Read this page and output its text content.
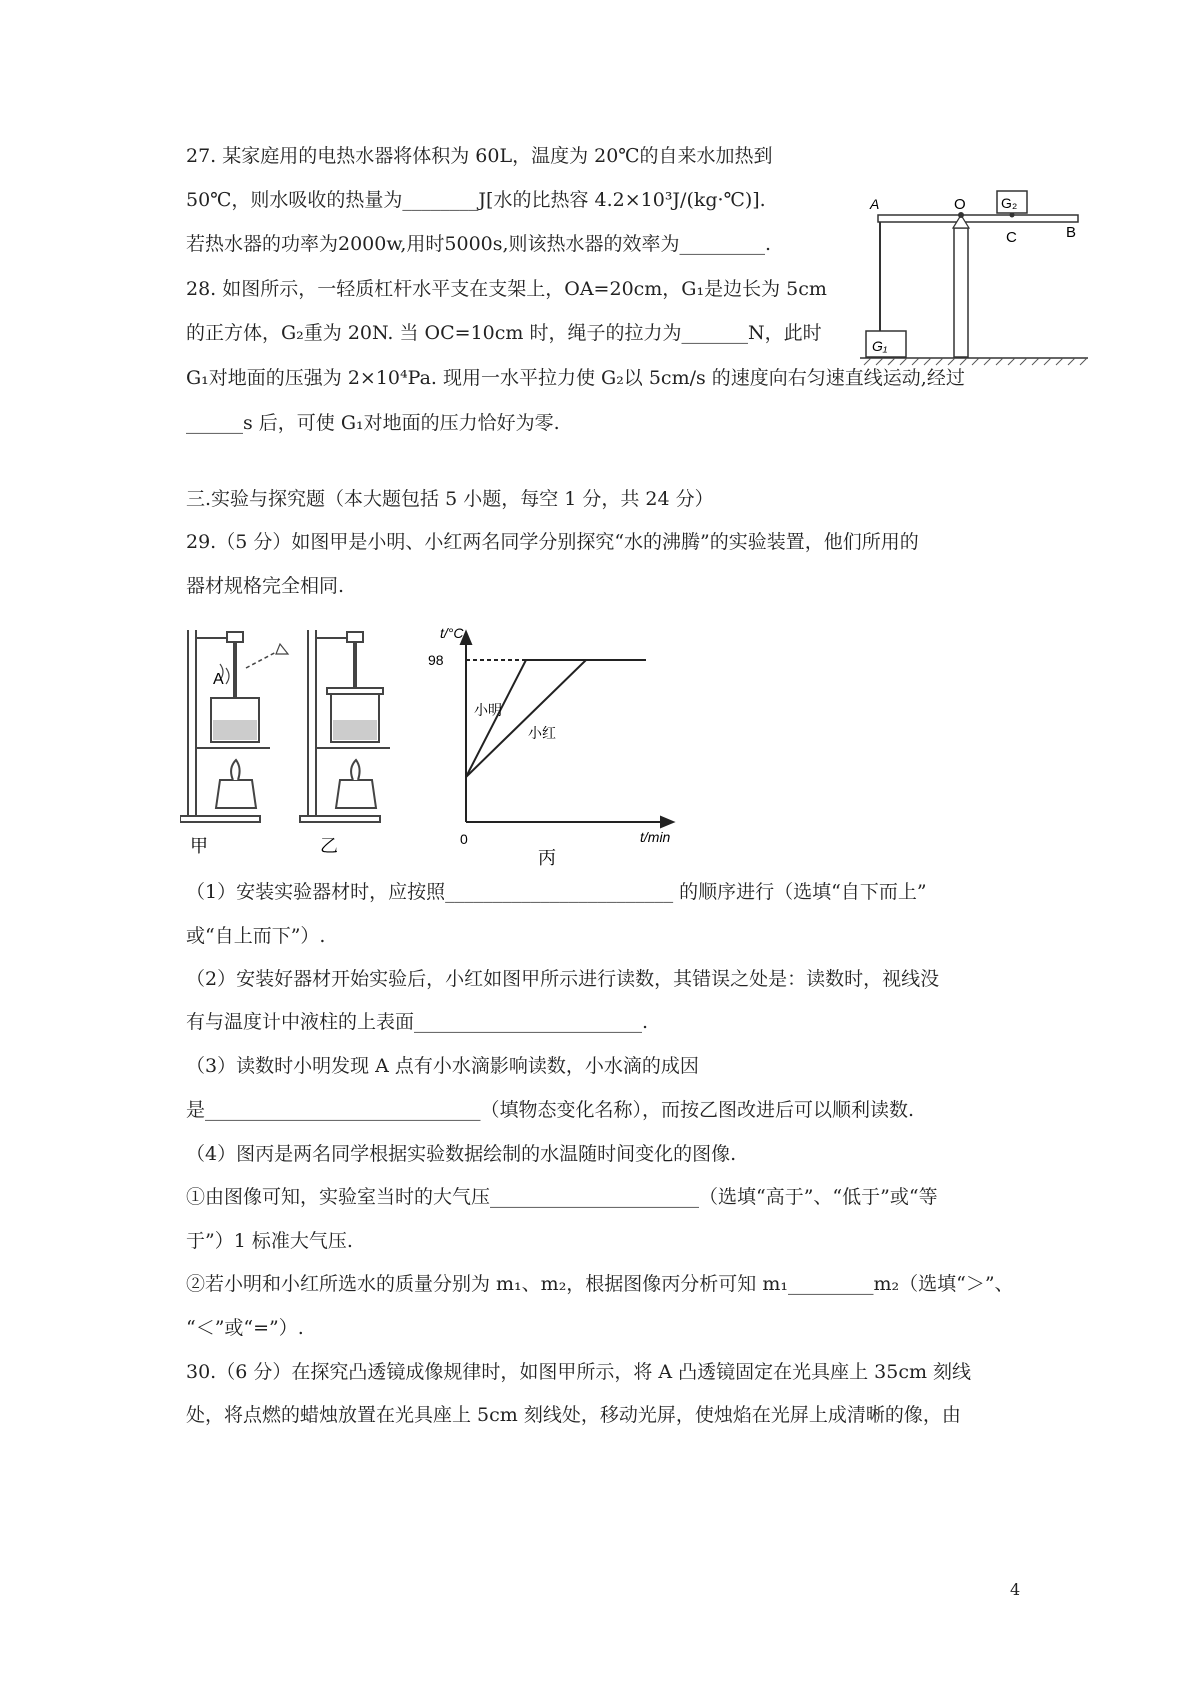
27. 某家庭用的电热水器将体积为 60L，温度为 20℃的自来水加热到
50℃，则水吸收的热量为________J[水的比热容 4.2×10³J/(kg·℃)].
若热水器的功率为2000w,用时5000s,则该热水器的效率为_________.
28. 如图所示，一轻质杠杆水平支在支架上，OA=20cm，G₁是边长为 5cm
的正方体，G₂重为 20N. 当 OC=10cm 时，绳子的拉力为_______N，此时
G₁对地面的压强为 2×10⁴Pa. 现用一水平拉力使 G₂以 5cm/s 的速度向右匀速直线运动,经过
______s 后，可使 G₁对地面的压力恰好为零.
G₁
G₂
A	O
C	B
三.实验与探究题（本大题包括 5 小题，每空 1 分，共 24 分）
29.（5 分）如图甲是小明、小红两名同学分别探究“水的沸腾”的实验装置，他们所用的
器材规格完全相同.
A
甲	乙
t/°C
t/min
0
98
小明
小红
丙
（1）安装实验器材时，应按照________________________ 的顺序进行（选填“自下而上”
或“自上而下”）.
（2）安装好器材开始实验后，小红如图甲所示进行读数，其错误之处是：读数时，视线没
有与温度计中液柱的上表面________________________.
（3）读数时小明发现 A 点有小水滴影响读数，小水滴的成因
是_____________________________（填物态变化名称），而按乙图改进后可以顺利读数.
（4）图丙是两名同学根据实验数据绘制的水温随时间变化的图像.
①由图像可知，实验室当时的大气压______________________（选填“高于”、“低于”或“等
于”）1 标准大气压.
②若小明和小红所选水的质量分别为 m₁、m₂，根据图像丙分析可知 m₁_________m₂（选填“＞”、
“＜”或“=”）.
30.（6 分）在探究凸透镜成像规律时，如图甲所示，将 A 凸透镜固定在光具座上 35cm 刻线
处，将点燃的蜡烛放置在光具座上 5cm 刻线处，移动光屏，使烛焰在光屏上成清晰的像，由
4
